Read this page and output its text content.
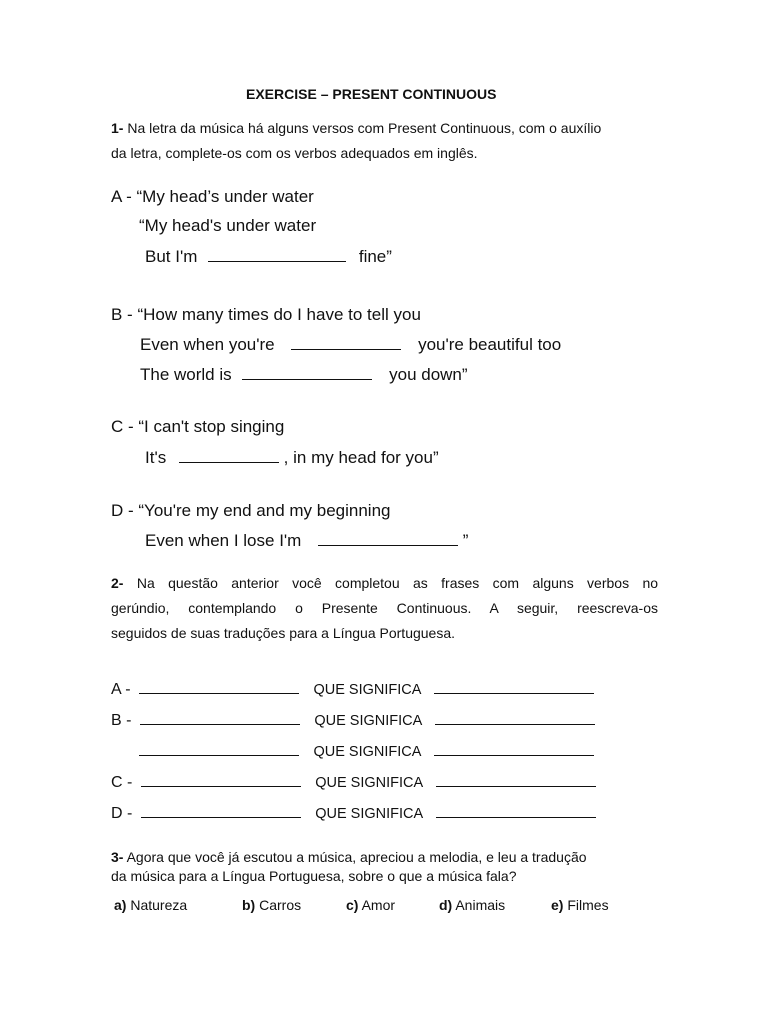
EXERCISE – PRESENT CONTINUOUS
1- Na letra da música há alguns versos com Present Continuous, com o auxílio
da letra, complete-os com os verbos adequados em inglês.
A - “My head’s under water
“My head's under water
But I'm	fine”
B - “How many times do I have to tell you
Even when you're	you're beautiful too
The world is	you down”
C - “I can't stop singing
It's	, in my head for you”
D - “You're my end and my beginning
Even when I lose I'm	”
2- Na questão anterior você completou as frases com alguns verbos no
gerúndio, contemplando o Presente Continuous. A seguir, reescreva-os
seguidos de suas traduções para a Língua Portuguesa.
A -	QUE SIGNIFICA
B -	QUE SIGNIFICA
QUE SIGNIFICA
C -	QUE SIGNIFICA
D -	QUE SIGNIFICA
3- Agora que você já escutou a música, apreciou a melodia, e leu a tradução
da música para a Língua Portuguesa, sobre o que a música fala?
a) Natureza	b) Carros	c) Amor	d) Animais	e) Filmes
